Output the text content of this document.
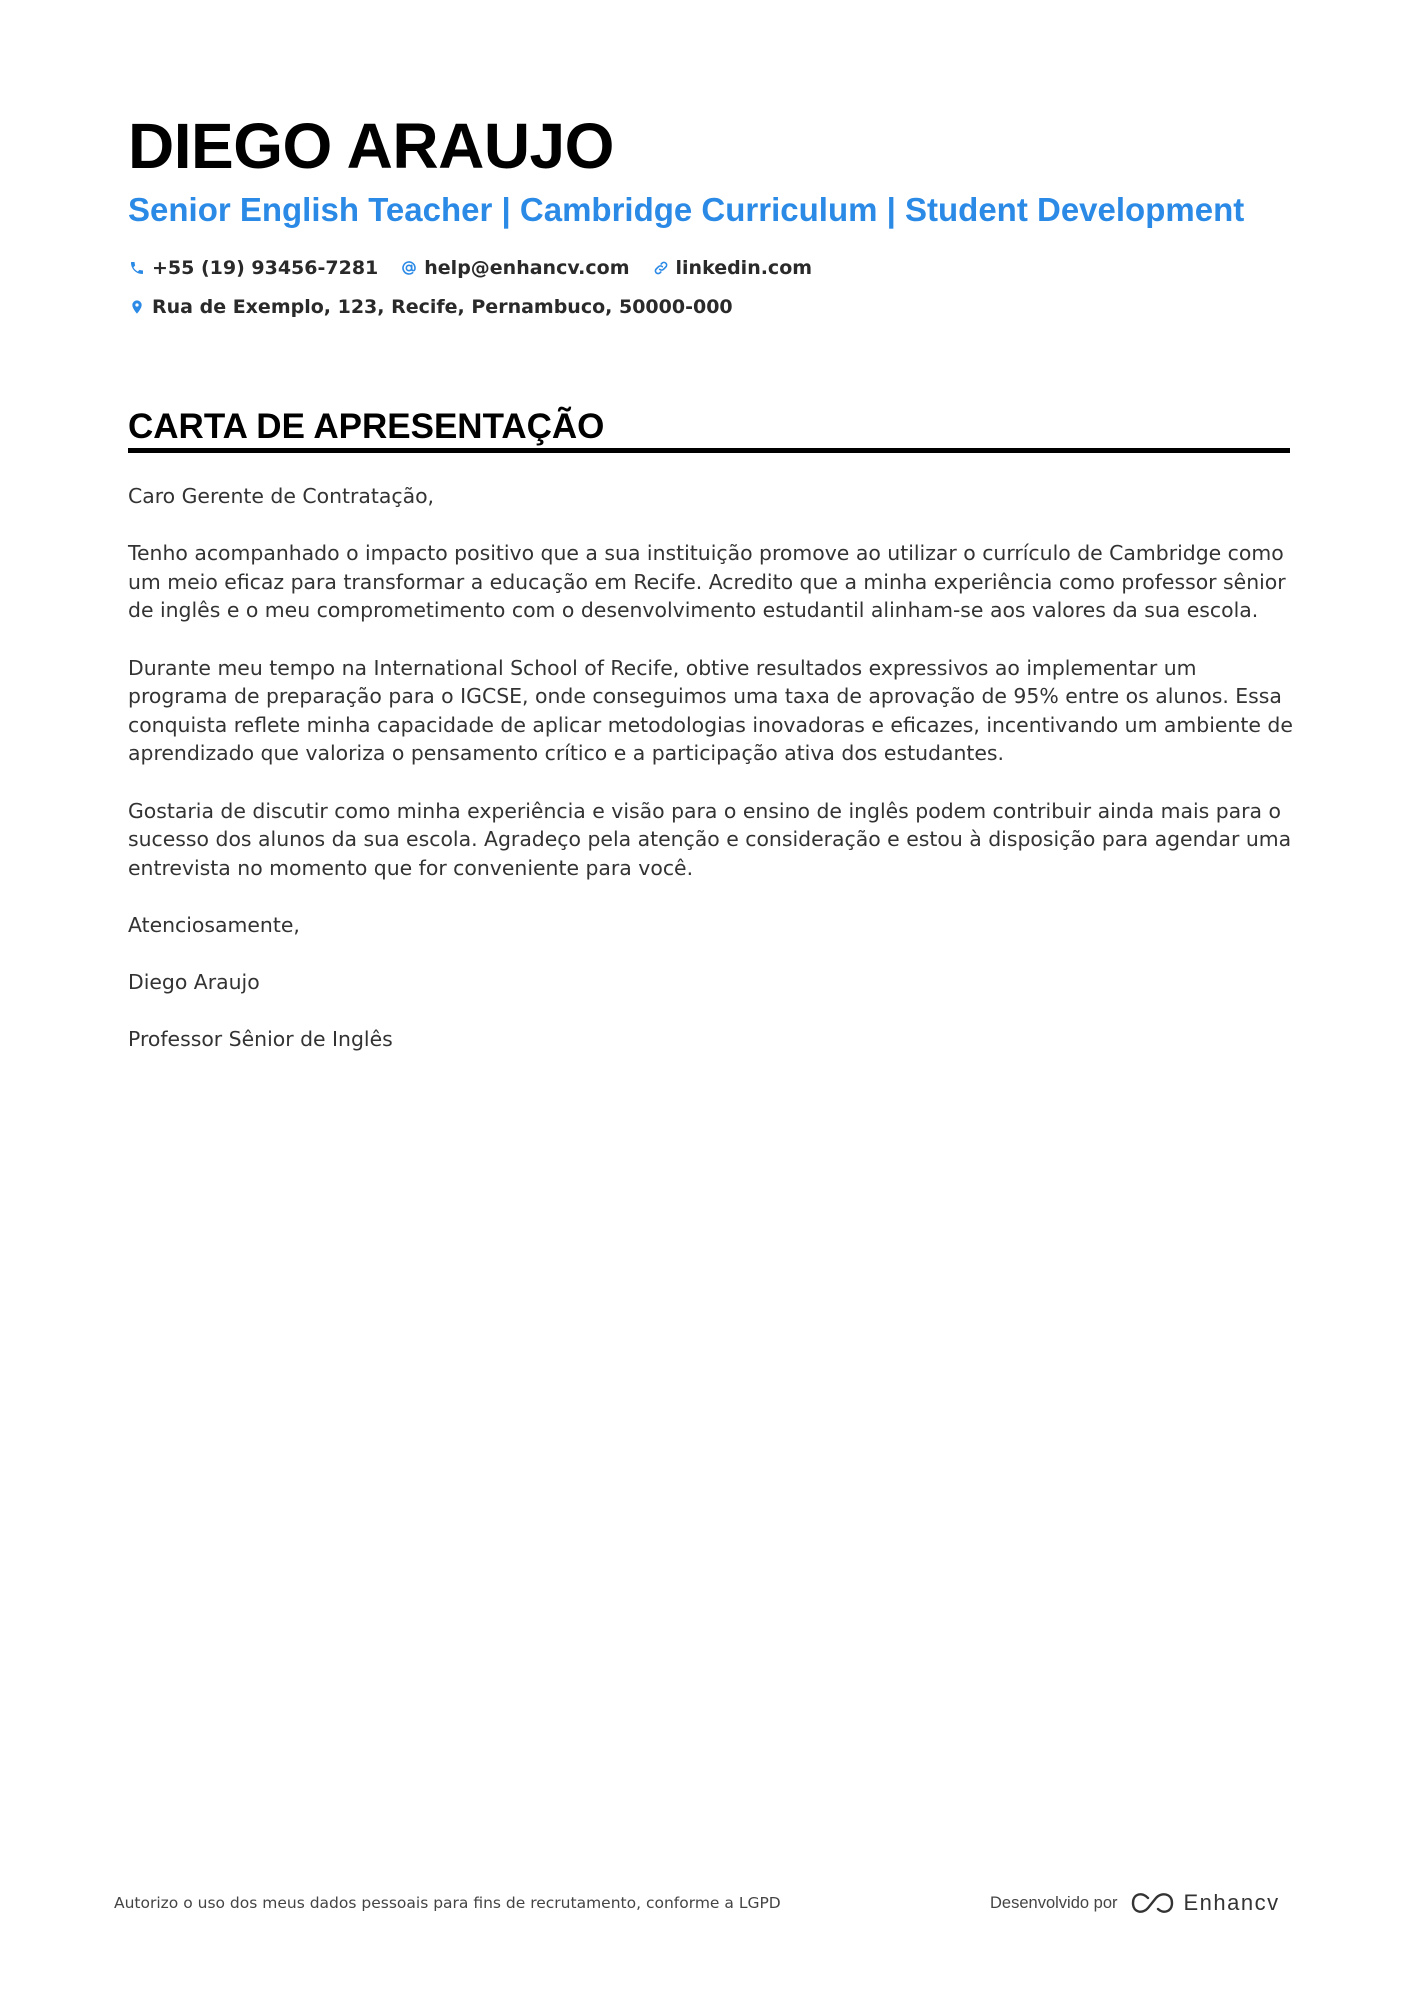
DIEGO ARAUJO
Senior English Teacher | Cambridge Curriculum | Student Development
+55 (19) 93456-7281 help@enhancv.com linkedin.com
Rua de Exemplo, 123, Recife, Pernambuco, 50000-000
CARTA DE APRESENTAÇÃO

Caro Gerente de Contratação,

Tenho acompanhado o impacto positivo que a sua instituição promove ao utilizar o currículo de Cambridge como um meio eficaz para transformar a educação em Recife. Acredito que a minha experiência como professor sênior de inglês e o meu comprometimento com o desenvolvimento estudantil alinham-se aos valores da sua escola.

Durante meu tempo na International School of Recife, obtive resultados expressivos ao implementar um programa de preparação para o IGCSE, onde conseguimos uma taxa de aprovação de 95% entre os alunos. Essa conquista reflete minha capacidade de aplicar metodologias inovadoras e eficazes, incentivando um ambiente de aprendizado que valoriza o pensamento crítico e a participação ativa dos estudantes.

Gostaria de discutir como minha experiência e visão para o ensino de inglês podem contribuir ainda mais para o sucesso dos alunos da sua escola. Agradeço pela atenção e consideração e estou à disposição para agendar uma entrevista no momento que for conveniente para você.

Atenciosamente,

Diego Araujo

Professor Sênior de Inglês

Autorizo o uso dos meus dados pessoais para fins de recrutamento, conforme a LGPD	Desenvolvido por	Enhancv
